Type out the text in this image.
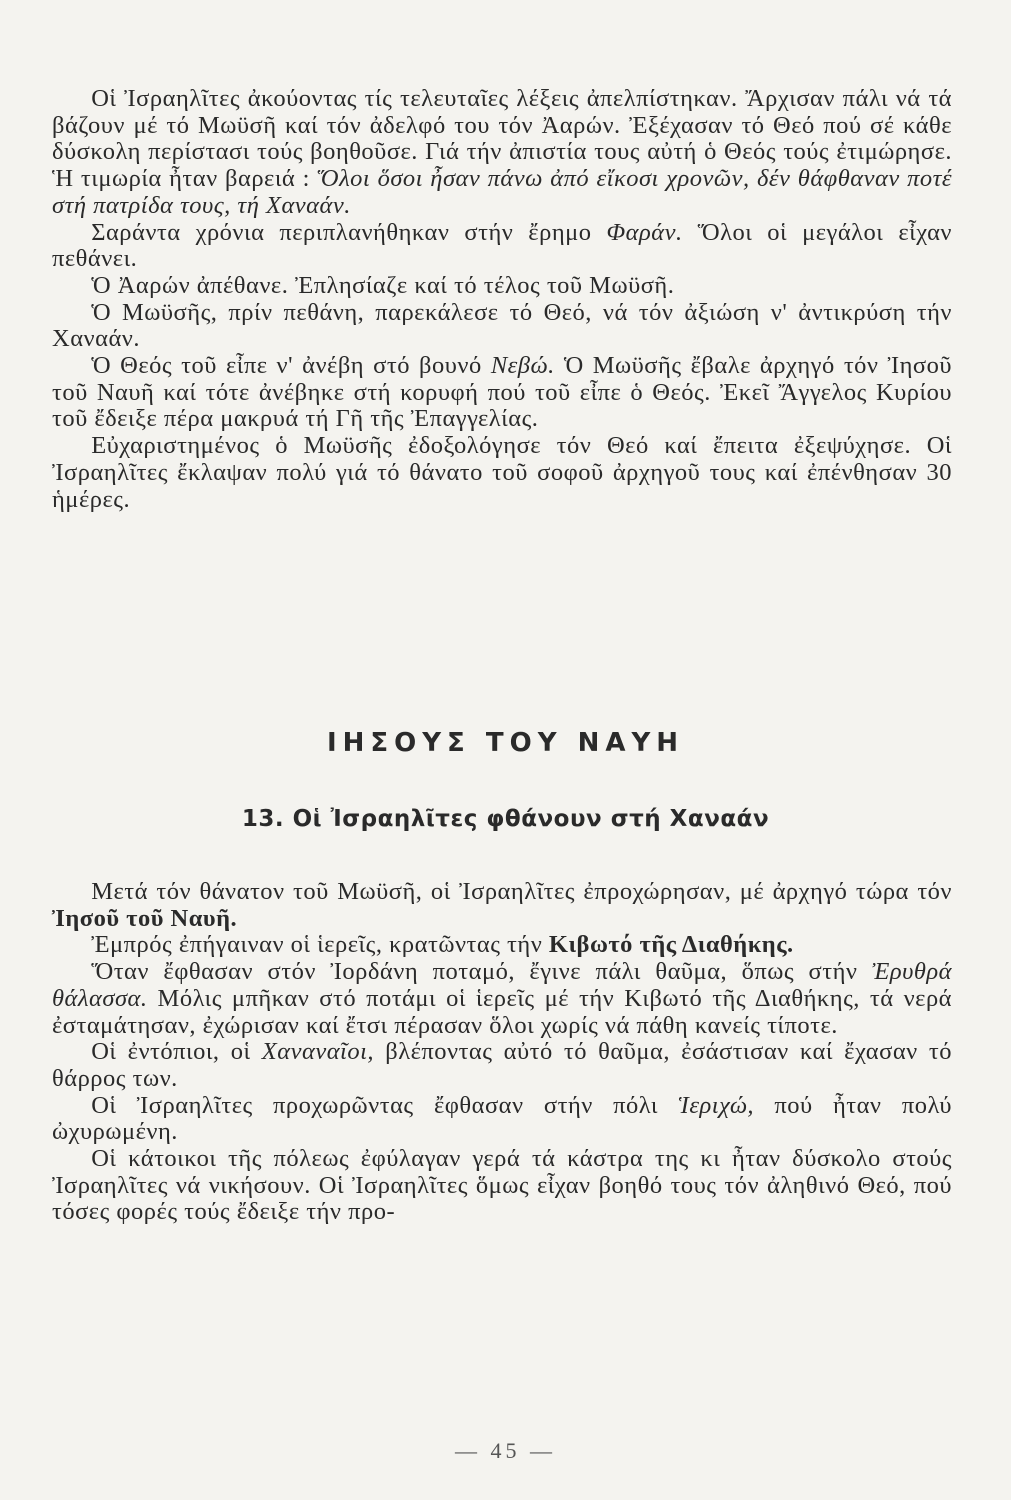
Οἱ Ἰσραηλῖτες ἀκούοντας τίς τελευταῖες λέξεις ἀπελπίστηκαν. Ἄρχισαν πάλι νά τά βάζουν μέ τό Μωϋσῆ καί τόν ἀδελφό του τόν Ἀαρών. Ἐξέχασαν τό Θεό πού σέ κάθε δύσκολη περίστασι τούς βοηθοῦσε. Γιά τήν ἀπιστία τους αὐτή ὁ Θεός τούς ἐτιμώρησε. Ἡ τιμωρία ἦταν βαρειά : Ὅλοι ὅσοι ἦσαν πάνω ἀπό εἴκοσι χρονῶν, δέν θάφθαναν ποτέ στή πατρίδα τους, τή Χαναάν.

Σαράντα χρόνια περιπλανήθηκαν στήν ἔρημο Φαράν. Ὅλοι οἱ μεγάλοι εἶχαν πεθάνει.

Ὁ Ἀαρών ἀπέθανε. Ἐπλησίαζε καί τό τέλος τοῦ Μωϋσῆ.

Ὁ Μωϋσῆς, πρίν πεθάνη, παρεκάλεσε τό Θεό, νά τόν ἀξιώση ν' ἀντικρύση τήν Χαναάν.

Ὁ Θεός τοῦ εἶπε ν' ἀνέβη στό βουνό Νεβώ. Ὁ Μωϋσῆς ἔβαλε ἀρχηγό τόν Ἰησοῦ τοῦ Ναυῆ καί τότε ἀνέβηκε στή κορυφή πού τοῦ εἶπε ὁ Θεός. Ἐκεῖ Ἄγγελος Κυρίου τοῦ ἔδειξε πέρα μακρυά τή Γῆ τῆς Ἐπαγγελίας.

Εὐχαριστημένος ὁ Μωϋσῆς ἐδοξολόγησε τόν Θεό καί ἔπειτα ἐξεψύχησε. Οἱ Ἰσραηλῖτες ἔκλαψαν πολύ γιά τό θάνατο τοῦ σοφοῦ ἀρχηγοῦ τους καί ἐπένθησαν 30 ἡμέρες.

ΙΗΣΟΥΣ ΤΟΥ ΝΑΥΗ
13. Οἱ Ἰσραηλῖτες φθάνουν στή Χαναάν

Μετά τόν θάνατον τοῦ Μωϋσῆ, οἱ Ἰσραηλῖτες ἐπροχώρησαν, μέ ἀρχηγό τώρα τόν Ἰησοῦ τοῦ Ναυῆ.

Ἐμπρός ἐπήγαιναν οἱ ἱερεῖς, κρατῶντας τήν Κιβωτό τῆς Διαθήκης.

Ὅταν ἔφθασαν στόν Ἰορδάνη ποταμό, ἔγινε πάλι θαῦμα, ὅπως στήν Ἐρυθρά θάλασσα. Μόλις μπῆκαν στό ποτάμι οἱ ἱερεῖς μέ τήν Κιβωτό τῆς Διαθήκης, τά νερά ἐσταμάτησαν, ἐχώρισαν καί ἔτσι πέρασαν ὅλοι χωρίς νά πάθη κανείς τίποτε.

Οἱ ἐντόπιοι, οἱ Χαναναῖοι, βλέποντας αὐτό τό θαῦμα, ἐσάστισαν καί ἔχασαν τό θάρρος των.

Οἱ Ἰσραηλῖτες προχωρῶντας ἔφθασαν στήν πόλι Ἱεριχώ, πού ἦταν πολύ ὠχυρωμένη.

Οἱ κάτοικοι τῆς πόλεως ἐφύλαγαν γερά τά κάστρα της κι ἦταν δύσκολο στούς Ἰσραηλῖτες νά νικήσουν. Οἱ Ἰσραηλῖτες ὅμως εἶχαν βοηθό τους τόν ἀληθινό Θεό, πού τόσες φορές τούς ἔδειξε τήν προ-

— 45 —
